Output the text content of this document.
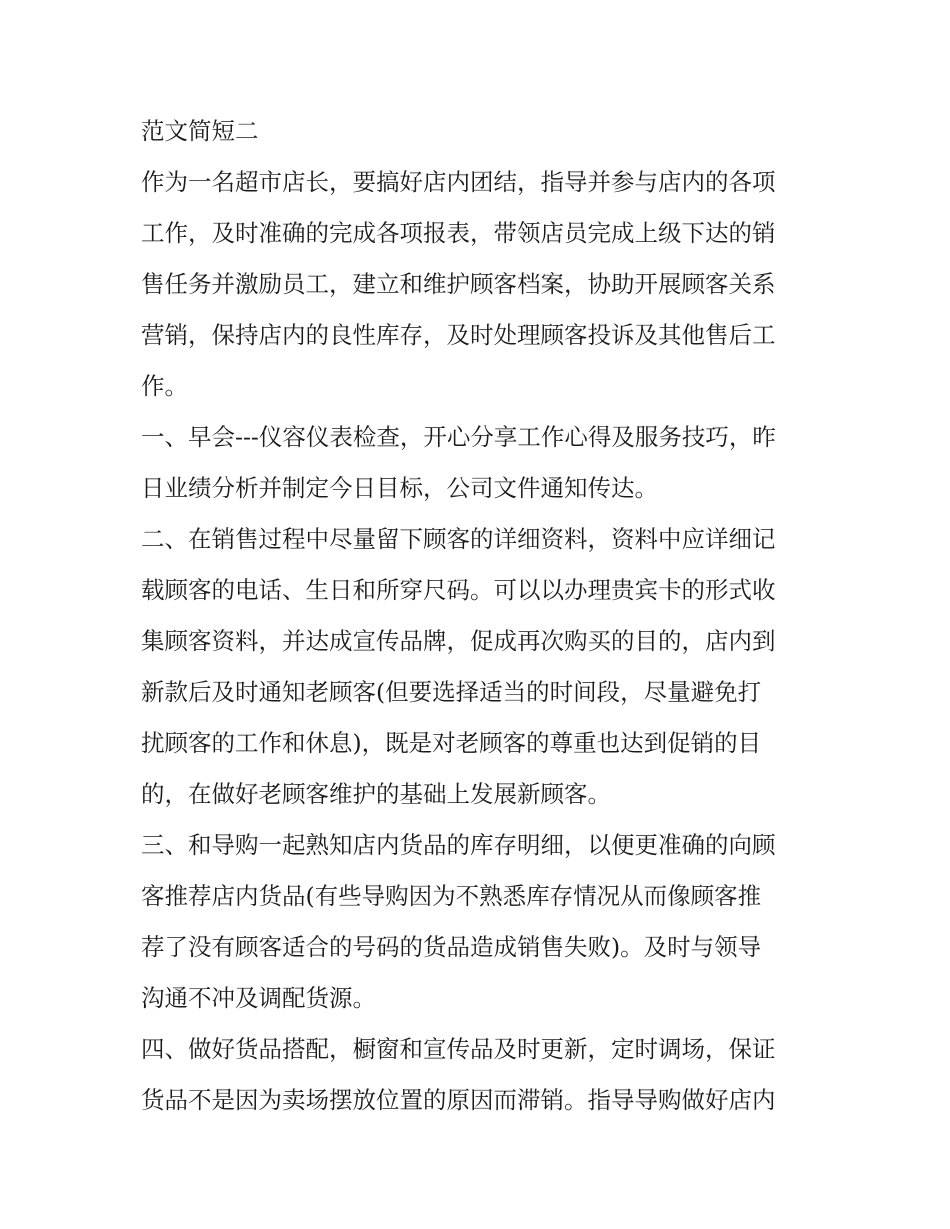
范文简短二
作为一名超市店长，要搞好店内团结，指导并参与店内的各项
工作，及时准确的完成各项报表，带领店员完成上级下达的销
售任务并激励员工，建立和维护顾客档案，协助开展顾客关系
营销，保持店内的良性库存，及时处理顾客投诉及其他售后工
作。
一、早会---仪容仪表检查，开心分享工作心得及服务技巧，昨
日业绩分析并制定今日目标，公司文件通知传达。
二、在销售过程中尽量留下顾客的详细资料，资料中应详细记
载顾客的电话、生日和所穿尺码。可以以办理贵宾卡的形式收
集顾客资料，并达成宣传品牌，促成再次购买的目的，店内到
新款后及时通知老顾客(但要选择适当的时间段，尽量避免打
扰顾客的工作和休息)，既是对老顾客的尊重也达到促销的目
的，在做好老顾客维护的基础上发展新顾客。
三、和导购一起熟知店内货品的库存明细，以便更准确的向顾
客推荐店内货品(有些导购因为不熟悉库存情况从而像顾客推
荐了没有顾客适合的号码的货品造成销售失败)。及时与领导
沟通不冲及调配货源。
四、做好货品搭配，橱窗和宣传品及时更新，定时调场，保证
货品不是因为卖场摆放位置的原因而滞销。指导导购做好店内
